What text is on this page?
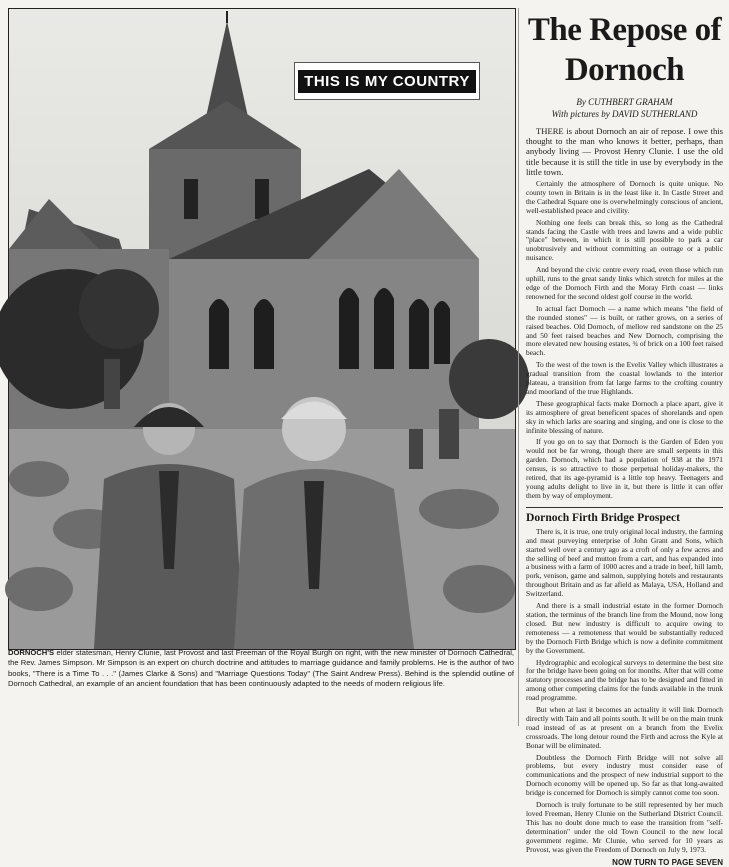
THIS IS MY COUNTRY
DORNOCH'S elder statesman, Henry Clunie, last Provost and last Freeman of the Royal Burgh on right, with the new minister of Dornoch Cathedral, the Rev. James Simpson. Mr Simpson is an expert on church doctrine and attitudes to marriage guidance and family problems. He is the author of two books, "There is a Time To . . ." (James Clarke & Sons) and "Marriage Questions Today" (The Saint Andrew Press). Behind is the splendid outline of Dornoch Cathedral, an example of an ancient foundation that has been continuously adapted to the needs of modern religious life.
The Repose of Dornoch
By CUTHBERT GRAHAM
With pictures by DAVID SUTHERLAND

THERE is about Dornoch an air of repose. I owe this thought to the man who knows it better, perhaps, than anybody living — Provost Henry Clunie. I use the old title because it is still the title in use by everybody in the little town.

Certainly the atmosphere of Dornoch is quite unique. No county town in Britain is in the least like it. In Castle Street and the Cathedral Square one is overwhelmingly conscious of ancient, well-established peace and civility.

Nothing one feels can break this, so long as the Cathedral stands facing the Castle with trees and lawns and a wide public "place" between, in which it is still possible to park a car unobtrusively and without committing an outrage or a public nuisance.

And beyond the civic centre every road, even those which run uphill, runs to the great sandy links which stretch for miles at the edge of the Dornoch Firth and the Moray Firth coast — links renowned for the second oldest golf course in the world.

In actual fact Dornoch — a name which means "the field of the rounded stones" — is built, or rather grows, on a series of raised beaches. Old Dornoch, of mellow red sandstone on the 25 and 50 feet raised beaches and New Dornoch, comprising the more elevated new housing estates, ¾ of brick on a 100 feet raised beach.

To the west of the town is the Evelix Valley which illustrates a gradual transition from the coastal lowlands to the interior plateau, a transition from fat large farms to the crofting country and moorland of the true Highlands.

These geographical facts make Dornoch a place apart, give it its atmosphere of great beneficent spaces of shorelands and open sky in which larks are soaring and singing, and one is close to the infinite blessing of nature.

If you go on to say that Dornoch is the Garden of Eden you would not be far wrong, though there are small serpents in this garden. Dornoch, which had a population of 938 at the 1971 census, is so attractive to those perpetual holiday-makers, the retired, that its age-pyramid is a little top heavy. Teenagers and young adults delight to live in it, but there is little it can offer them by way of employment.

Dornoch Firth Bridge Prospect

There is, it is true, one truly original local industry, the farming and meat purveying enterprise of John Grant and Sons, which started well over a century ago as a croft of only a few acres and the selling of beef and mutton from a cart, and has expanded into a business with a farm of 1000 acres and a trade in beef, hill lamb, pork, venison, game and salmon, supplying hotels and restaurants throughout Britain and as far afield as Malaya, USA, Holland and Switzerland.

And there is a small industrial estate in the former Dornoch station, the terminus of the branch line from the Mound, now long closed. But new industry is difficult to acquire owing to remoteness — a remoteness that would be substantially reduced by the Dornoch Firth Bridge which is now a definite commitment by the Government.

Hydrographic and ecological surveys to determine the best site for the bridge have been going on for months. After that will come statutory processes and the bridge has to be designed and fitted in among other competing claims for the funds available in the trunk road programme.

But when at last it becomes an actuality it will link Dornoch directly with Tain and all points south. It will be on the main trunk road instead of as at present on a branch from the Evelix crossroads. The long detour round the Firth and across the Kyle at Bonar will be eliminated.

Doubtless the Dornoch Firth Bridge will not solve all problems, but every industry must consider ease of communications and the prospect of new industrial support to the Dornoch economy will be opened up. So far as that long-awaited bridge is concerned for Dornoch is simply cannot come too soon.

Dornoch is truly fortunate to be still represented by her much loved Freeman, Henry Clunie on the Sutherland District Council. This has no doubt done much to ease the transition from "self-determination" under the old Town Council to the new local government regime. Mr Clunie, who served for 10 years as Provost, was given the Freedom of Dornoch on July 9, 1973.

NOW TURN TO PAGE SEVEN
